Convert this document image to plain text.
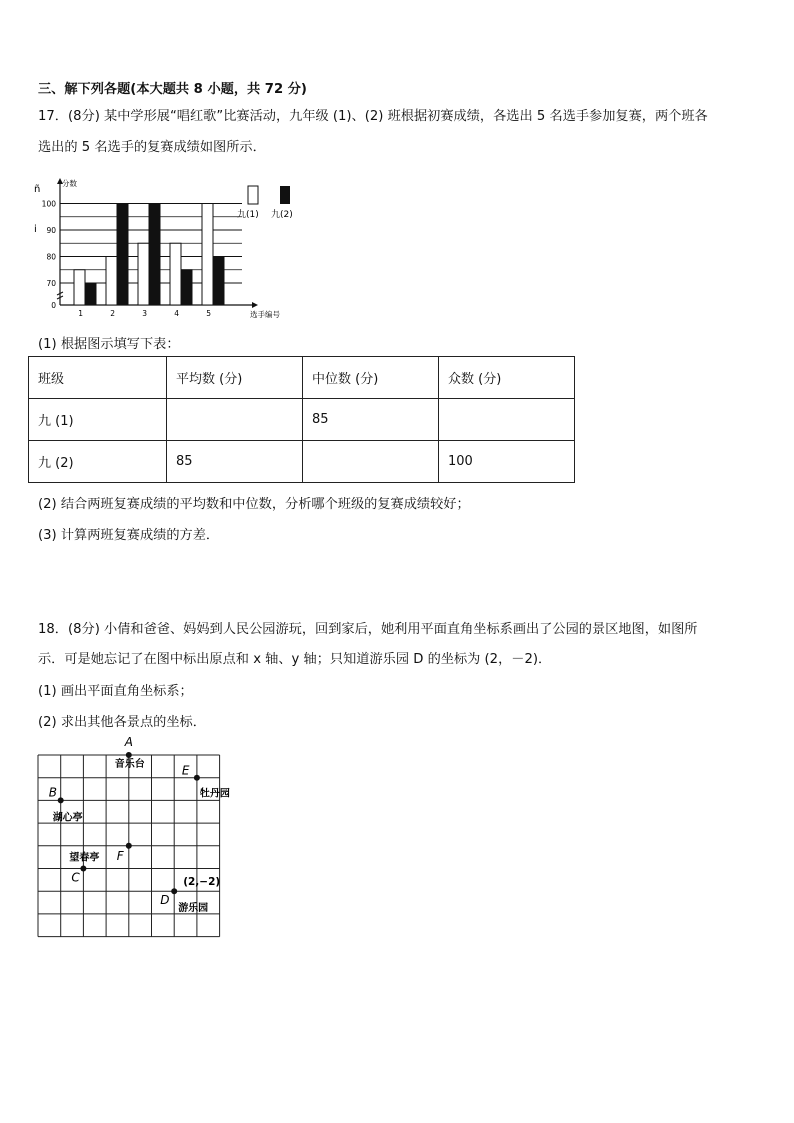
三、解下列各题(本大题共 8 小题，共 72 分)
17．(8分) 某中学形展“唱红歌”比赛活动，九年级 (1)、(2) 班根据初赛成绩，各选出 5 名选手参加复赛，两个班各
选出的 5 名选手的复赛成绩如图所示．
ñ
i
0
70
80
90
100
分数
选手编号
1	2	3	4	5
九(1) 九(2)
(1) 根据图示填写下表：
班级	平均数 (分)	中位数 (分)	众数 (分)
九 (1)		85	
九 (2)	85		100
(2) 结合两班复赛成绩的平均数和中位数，分析哪个班级的复赛成绩较好；
(3) 计算两班复赛成绩的方差．
18．(8分) 小倩和爸爸、妈妈到人民公园游玩，回到家后，她利用平面直角坐标系画出了公园的景区地图，如图所
示．可是她忘记了在图中标出原点和 x 轴、y 轴；只知道游乐园 D 的坐标为 (2，－2)．
(1) 画出平面直角坐标系；
(2) 求出其他各景点的坐标．
A
音乐台
B
湖心亭
C
望春亭
D
游乐园
(2,−2)
E
牡丹园
F
